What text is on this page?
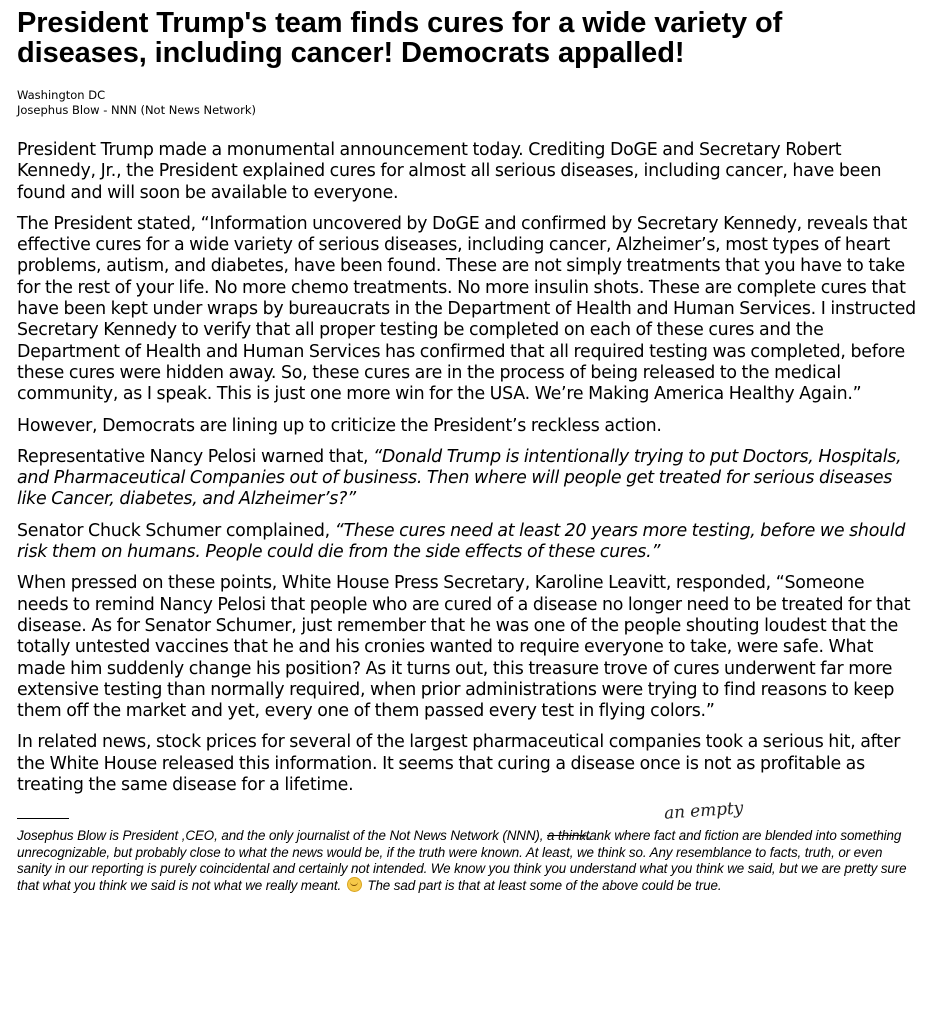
President Trump's team finds cures for a wide variety of diseases, including cancer! Democrats appalled!
Washington DC
Josephus Blow - NNN (Not News Network)

President Trump made a monumental announcement today. Crediting DoGE and Secretary Robert Kennedy, Jr., the President explained cures for almost all serious diseases, including cancer, have been found and will soon be available to everyone.

The President stated, “Information uncovered by DoGE and confirmed by Secretary Kennedy, reveals that effective cures for a wide variety of serious diseases, including cancer, Alzheimer’s, most types of heart problems, autism, and diabetes, have been found. These are not simply treatments that you have to take for the rest of your life. No more chemo treatments. No more insulin shots. These are complete cures that have been kept under wraps by bureaucrats in the Department of Health and Human Services. I instructed Secretary Kennedy to verify that all proper testing be completed on each of these cures and the Department of Health and Human Services has confirmed that all required testing was completed, before these cures were hidden away. So, these cures are in the process of being released to the medical community, as I speak. This is just one more win for the USA. We’re Making America Healthy Again.”

However, Democrats are lining up to criticize the President’s reckless action.

Representative Nancy Pelosi warned that, “Donald Trump is intentionally trying to put Doctors, Hospitals, and Pharmaceutical Companies out of business. Then where will people get treated for serious diseases like Cancer, diabetes, and Alzheimer’s?”

Senator Chuck Schumer complained, “These cures need at least 20 years more testing, before we should risk them on humans. People could die from the side effects of these cures.”

When pressed on these points, White House Press Secretary, Karoline Leavitt, responded, “Someone needs to remind Nancy Pelosi that people who are cured of a disease no longer need to be treated for that disease. As for Senator Schumer, just remember that he was one of the people shouting loudest that the totally untested vaccines that he and his cronies wanted to require everyone to take, were safe. What made him suddenly change his position? As it turns out, this treasure trove of cures underwent far more extensive testing than normally required, when prior administrations were trying to find reasons to keep them off the market and yet, every one of them passed every test in flying colors.”

In related news, stock prices for several of the largest pharmaceutical companies took a serious hit, after the White House released this information. It seems that curing a disease once is not as profitable as treating the same disease for a lifetime.

an empty
Josephus Blow is President ,CEO, and the only journalist of the Not News Network (NNN), a thinktank where fact and fiction are blended into something unrecognizable, but probably close to what the news would be, if the truth were known. At least, we think so. Any resemblance to facts, truth, or even sanity in our reporting is purely coincidental and certainly not intended. We know you think you understand what you think we said, but we are pretty sure that what you think we said is not what we really meant.  The sad part is that at least some of the above could be true.
